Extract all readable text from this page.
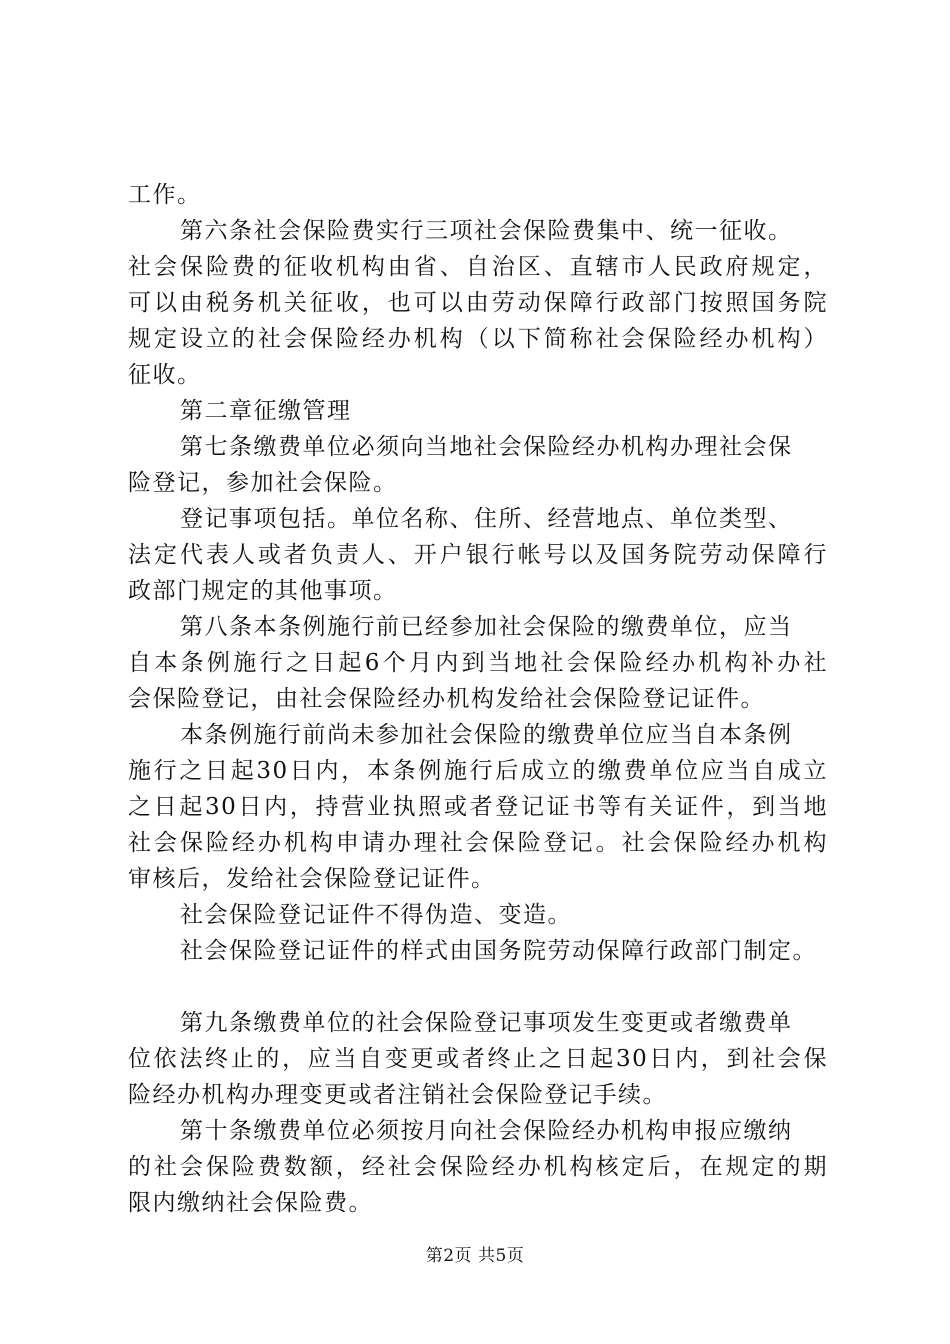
工作。
第六条社会保险费实行三项社会保险费集中、统一征收。
社会保险费的征收机构由省、自治区、直辖市人民政府规定，
可以由税务机关征收，也可以由劳动保障行政部门按照国务院
规定设立的社会保险经办机构（以下简称社会保险经办机构）
征收。
第二章征缴管理
第七条缴费单位必须向当地社会保险经办机构办理社会保
险登记，参加社会保险。
登记事项包括。单位名称、住所、经营地点、单位类型、
法定代表人或者负责人、开户银行帐号以及国务院劳动保障行
政部门规定的其他事项。
第八条本条例施行前已经参加社会保险的缴费单位，应当
自本条例施行之日起6个月内到当地社会保险经办机构补办社
会保险登记，由社会保险经办机构发给社会保险登记证件。
本条例施行前尚未参加社会保险的缴费单位应当自本条例
施行之日起30日内，本条例施行后成立的缴费单位应当自成立
之日起30日内，持营业执照或者登记证书等有关证件，到当地
社会保险经办机构申请办理社会保险登记。社会保险经办机构
审核后，发给社会保险登记证件。
社会保险登记证件不得伪造、变造。
社会保险登记证件的样式由国务院劳动保障行政部门制定。
第九条缴费单位的社会保险登记事项发生变更或者缴费单
位依法终止的，应当自变更或者终止之日起30日内，到社会保
险经办机构办理变更或者注销社会保险登记手续。
第十条缴费单位必须按月向社会保险经办机构申报应缴纳
的社会保险费数额，经社会保险经办机构核定后，在规定的期
限内缴纳社会保险费。
第2页 共5页
